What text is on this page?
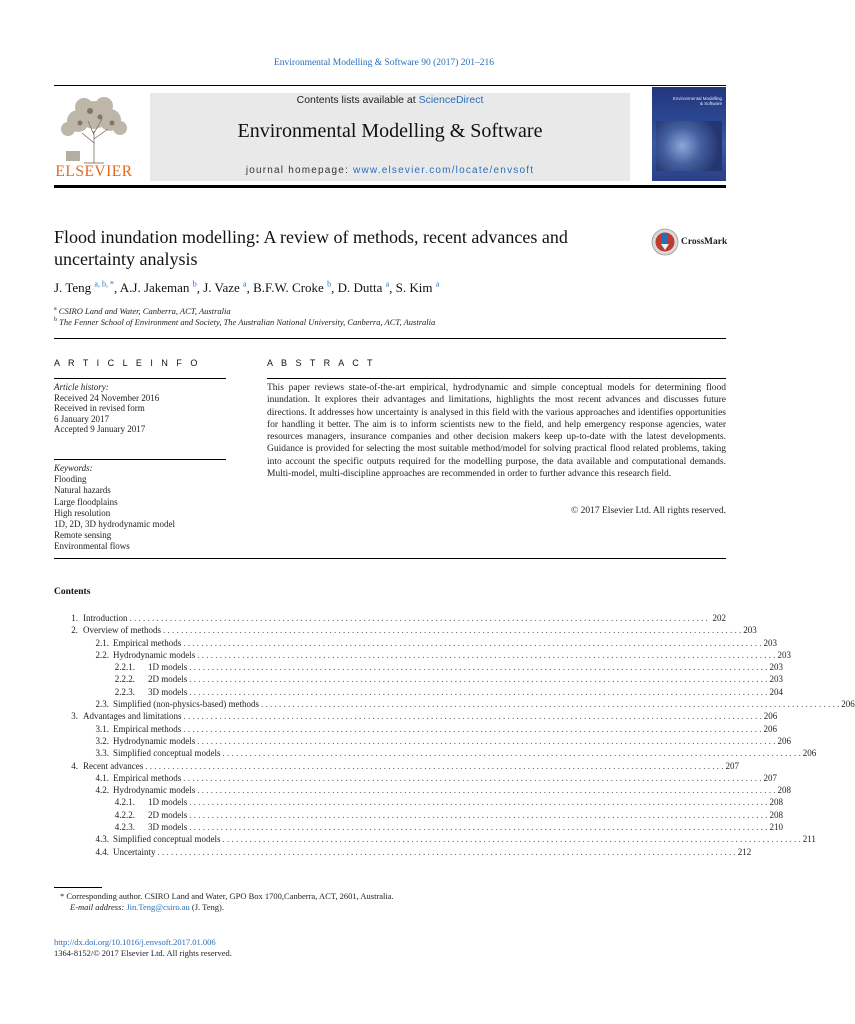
Environmental Modelling & Software 90 (2017) 201–216
ELSEVIER
Contents lists available at ScienceDirect
Environmental Modelling & Software
journal homepage: www.elsevier.com/locate/envsoft
Environmental Modelling & Software
Flood inundation modelling: A review of methods, recent advances and uncertainty analysis
CrossMark
J. Teng $^{a, b, *}$, A.J. Jakeman $^b$, J. Vaze $^a$, B.F.W. Croke $^b$, D. Dutta $^a$, S. Kim $^a$
$^a$ CSIRO Land and Water, Canberra, ACT, Australia
$^b$ The Fenner School of Environment and Society, The Australian National University, Canberra, ACT, Australia
A R T I C L E I N F O
Article history:
Received 24 November 2016
Received in revised form
6 January 2017
Accepted 9 January 2017
Keywords:
Flooding
Natural hazards
Large floodplains
High resolution
1D, 2D, 3D hydrodynamic model
Remote sensing
Environmental flows
A B S T R A C T
This paper reviews state-of-the-art empirical, hydrodynamic and simple conceptual models for determining flood inundation. It explores their advantages and limitations, highlights the most recent advances and discusses future directions. It addresses how uncertainty is analysed in this field with the various approaches and identifies opportunities for handling it better. The aim is to inform scientists new to the field, and help emergency response agencies, water resources managers, insurance companies and other decision makers keep up-to-date with the latest developments. Guidance is provided for selecting the most suitable method/model for solving practical flood related problems, taking into account the specific outputs required for the modelling purpose, the data available and computational demands. Multi-model, multi-discipline approaches are recommended in order to further advance this research field.
© 2017 Elsevier Ltd. All rights reserved.
Contents
1. Introduction . . . . . . . . . . . . . . . . . . . . . . . . . . . . . . . . . . . . . . . . . . . . . . . . . . . . . . . . . . . . . . . . . . . . . . . . . . . . . . . . . . . . . . . . . . . . . . . . . . . . . . . . . . . . . . . . . . . . . . . . . . . . . . . . . 202
2. Overview of methods . . . . . . . . . . . . . . . . . . . . . . . . . . . . . . . . . . . . . . . . . . . . . . . . . . . . . . . . . . . . . . . . . . . . . . . . . . . . . . . . . . . . . . . . . . . . . . . . . . . . . . . . . . . . . . . . . . . . . . . . . . . . . . . . . 203
2.1. Empirical methods . . . . . . . . . . . . . . . . . . . . . . . . . . . . . . . . . . . . . . . . . . . . . . . . . . . . . . . . . . . . . . . . . . . . . . . . . . . . . . . . . . . . . . . . . . . . . . . . . . . . . . . . . . . . . . . . . . . . . . . . . . . . . . . . . 203
2.2. Hydrodynamic models . . . . . . . . . . . . . . . . . . . . . . . . . . . . . . . . . . . . . . . . . . . . . . . . . . . . . . . . . . . . . . . . . . . . . . . . . . . . . . . . . . . . . . . . . . . . . . . . . . . . . . . . . . . . . . . . . . . . . . . . . . . . . . . . . 203
2.2.1. 1D models . . . . . . . . . . . . . . . . . . . . . . . . . . . . . . . . . . . . . . . . . . . . . . . . . . . . . . . . . . . . . . . . . . . . . . . . . . . . . . . . . . . . . . . . . . . . . . . . . . . . . . . . . . . . . . . . . . . . . . . . . . . . . . . . . 203
2.2.2. 2D models . . . . . . . . . . . . . . . . . . . . . . . . . . . . . . . . . . . . . . . . . . . . . . . . . . . . . . . . . . . . . . . . . . . . . . . . . . . . . . . . . . . . . . . . . . . . . . . . . . . . . . . . . . . . . . . . . . . . . . . . . . . . . . . . . 203
2.2.3. 3D models . . . . . . . . . . . . . . . . . . . . . . . . . . . . . . . . . . . . . . . . . . . . . . . . . . . . . . . . . . . . . . . . . . . . . . . . . . . . . . . . . . . . . . . . . . . . . . . . . . . . . . . . . . . . . . . . . . . . . . . . . . . . . . . . . 204
2.3. Simplified (non-physics-based) methods . . . . . . . . . . . . . . . . . . . . . . . . . . . . . . . . . . . . . . . . . . . . . . . . . . . . . . . . . . . . . . . . . . . . . . . . . . . . . . . . . . . . . . . . . . . . . . . . . . . . . . . . . . . . . . . . . . . . . . . . . . . . . . . . . 206
3. Advantages and limitations . . . . . . . . . . . . . . . . . . . . . . . . . . . . . . . . . . . . . . . . . . . . . . . . . . . . . . . . . . . . . . . . . . . . . . . . . . . . . . . . . . . . . . . . . . . . . . . . . . . . . . . . . . . . . . . . . . . . . . . . . . . . . . . . . 206
3.1. Empirical methods . . . . . . . . . . . . . . . . . . . . . . . . . . . . . . . . . . . . . . . . . . . . . . . . . . . . . . . . . . . . . . . . . . . . . . . . . . . . . . . . . . . . . . . . . . . . . . . . . . . . . . . . . . . . . . . . . . . . . . . . . . . . . . . . . 206
3.2. Hydrodynamic models . . . . . . . . . . . . . . . . . . . . . . . . . . . . . . . . . . . . . . . . . . . . . . . . . . . . . . . . . . . . . . . . . . . . . . . . . . . . . . . . . . . . . . . . . . . . . . . . . . . . . . . . . . . . . . . . . . . . . . . . . . . . . . . . . 206
3.3. Simplified conceptual models . . . . . . . . . . . . . . . . . . . . . . . . . . . . . . . . . . . . . . . . . . . . . . . . . . . . . . . . . . . . . . . . . . . . . . . . . . . . . . . . . . . . . . . . . . . . . . . . . . . . . . . . . . . . . . . . . . . . . . . . . . . . . . . . . 206
4. Recent advances . . . . . . . . . . . . . . . . . . . . . . . . . . . . . . . . . . . . . . . . . . . . . . . . . . . . . . . . . . . . . . . . . . . . . . . . . . . . . . . . . . . . . . . . . . . . . . . . . . . . . . . . . . . . . . . . . . . . . . . . . . . . . . . . . 207
4.1. Empirical methods . . . . . . . . . . . . . . . . . . . . . . . . . . . . . . . . . . . . . . . . . . . . . . . . . . . . . . . . . . . . . . . . . . . . . . . . . . . . . . . . . . . . . . . . . . . . . . . . . . . . . . . . . . . . . . . . . . . . . . . . . . . . . . . . . 207
4.2. Hydrodynamic models . . . . . . . . . . . . . . . . . . . . . . . . . . . . . . . . . . . . . . . . . . . . . . . . . . . . . . . . . . . . . . . . . . . . . . . . . . . . . . . . . . . . . . . . . . . . . . . . . . . . . . . . . . . . . . . . . . . . . . . . . . . . . . . . . 208
4.2.1. 1D models . . . . . . . . . . . . . . . . . . . . . . . . . . . . . . . . . . . . . . . . . . . . . . . . . . . . . . . . . . . . . . . . . . . . . . . . . . . . . . . . . . . . . . . . . . . . . . . . . . . . . . . . . . . . . . . . . . . . . . . . . . . . . . . . . 208
4.2.2. 2D models . . . . . . . . . . . . . . . . . . . . . . . . . . . . . . . . . . . . . . . . . . . . . . . . . . . . . . . . . . . . . . . . . . . . . . . . . . . . . . . . . . . . . . . . . . . . . . . . . . . . . . . . . . . . . . . . . . . . . . . . . . . . . . . . . 208
4.2.3. 3D models . . . . . . . . . . . . . . . . . . . . . . . . . . . . . . . . . . . . . . . . . . . . . . . . . . . . . . . . . . . . . . . . . . . . . . . . . . . . . . . . . . . . . . . . . . . . . . . . . . . . . . . . . . . . . . . . . . . . . . . . . . . . . . . . . 210
4.3. Simplified conceptual models . . . . . . . . . . . . . . . . . . . . . . . . . . . . . . . . . . . . . . . . . . . . . . . . . . . . . . . . . . . . . . . . . . . . . . . . . . . . . . . . . . . . . . . . . . . . . . . . . . . . . . . . . . . . . . . . . . . . . . . . . . . . . . . . . 211
4.4. Uncertainty . . . . . . . . . . . . . . . . . . . . . . . . . . . . . . . . . . . . . . . . . . . . . . . . . . . . . . . . . . . . . . . . . . . . . . . . . . . . . . . . . . . . . . . . . . . . . . . . . . . . . . . . . . . . . . . . . . . . . . . . . . . . . . . . . 212
* Corresponding author. CSIRO Land and Water, GPO Box 1700,Canberra, ACT, 2601, Australia.
E-mail address: Jin.Teng@csiro.au (J. Teng).
http://dx.doi.org/10.1016/j.envsoft.2017.01.006
1364-8152/© 2017 Elsevier Ltd. All rights reserved.
